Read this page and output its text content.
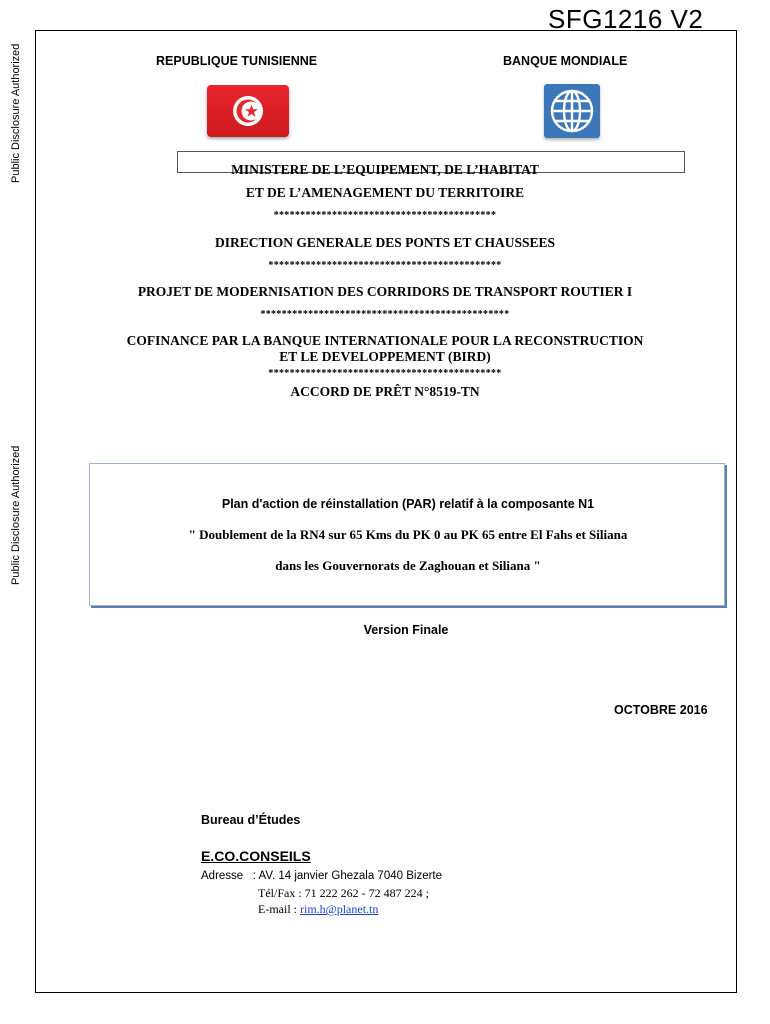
SFG1216 V2
Public Disclosure Authorized
Public Disclosure Authorized
REPUBLIQUE TUNISIENNE	BANQUE MONDIALE
MINISTERE DE L’EQUIPEMENT, DE L’HABITAT
ET DE L’AMENAGEMENT DU TERRITOIRE
******************************************
DIRECTION GENERALE DES PONTS ET CHAUSSEES
********************************************
PROJET DE MODERNISATION DES CORRIDORS DE TRANSPORT ROUTIER I
***********************************************
COFINANCE PAR LA BANQUE INTERNATIONALE POUR LA RECONSTRUCTION
ET LE DEVELOPPEMENT (BIRD)
********************************************
ACCORD DE PRÊT N°8519-TN
Plan d'action de réinstallation (PAR) relatif à la composante N1
" Doublement de la RN4 sur 65 Kms du PK 0 au PK 65 entre El Fahs et Siliana
dans les Gouvernorats de Zaghouan et Siliana "
Version Finale
OCTOBRE 2016
Bureau d’Études
E.CO.CONSEILS
Adresse   : AV. 14 janvier Ghezala 7040 Bizerte
Tél/Fax : 71 222 262 - 72 487 224 ;
E-mail : rim.h@planet.tn
